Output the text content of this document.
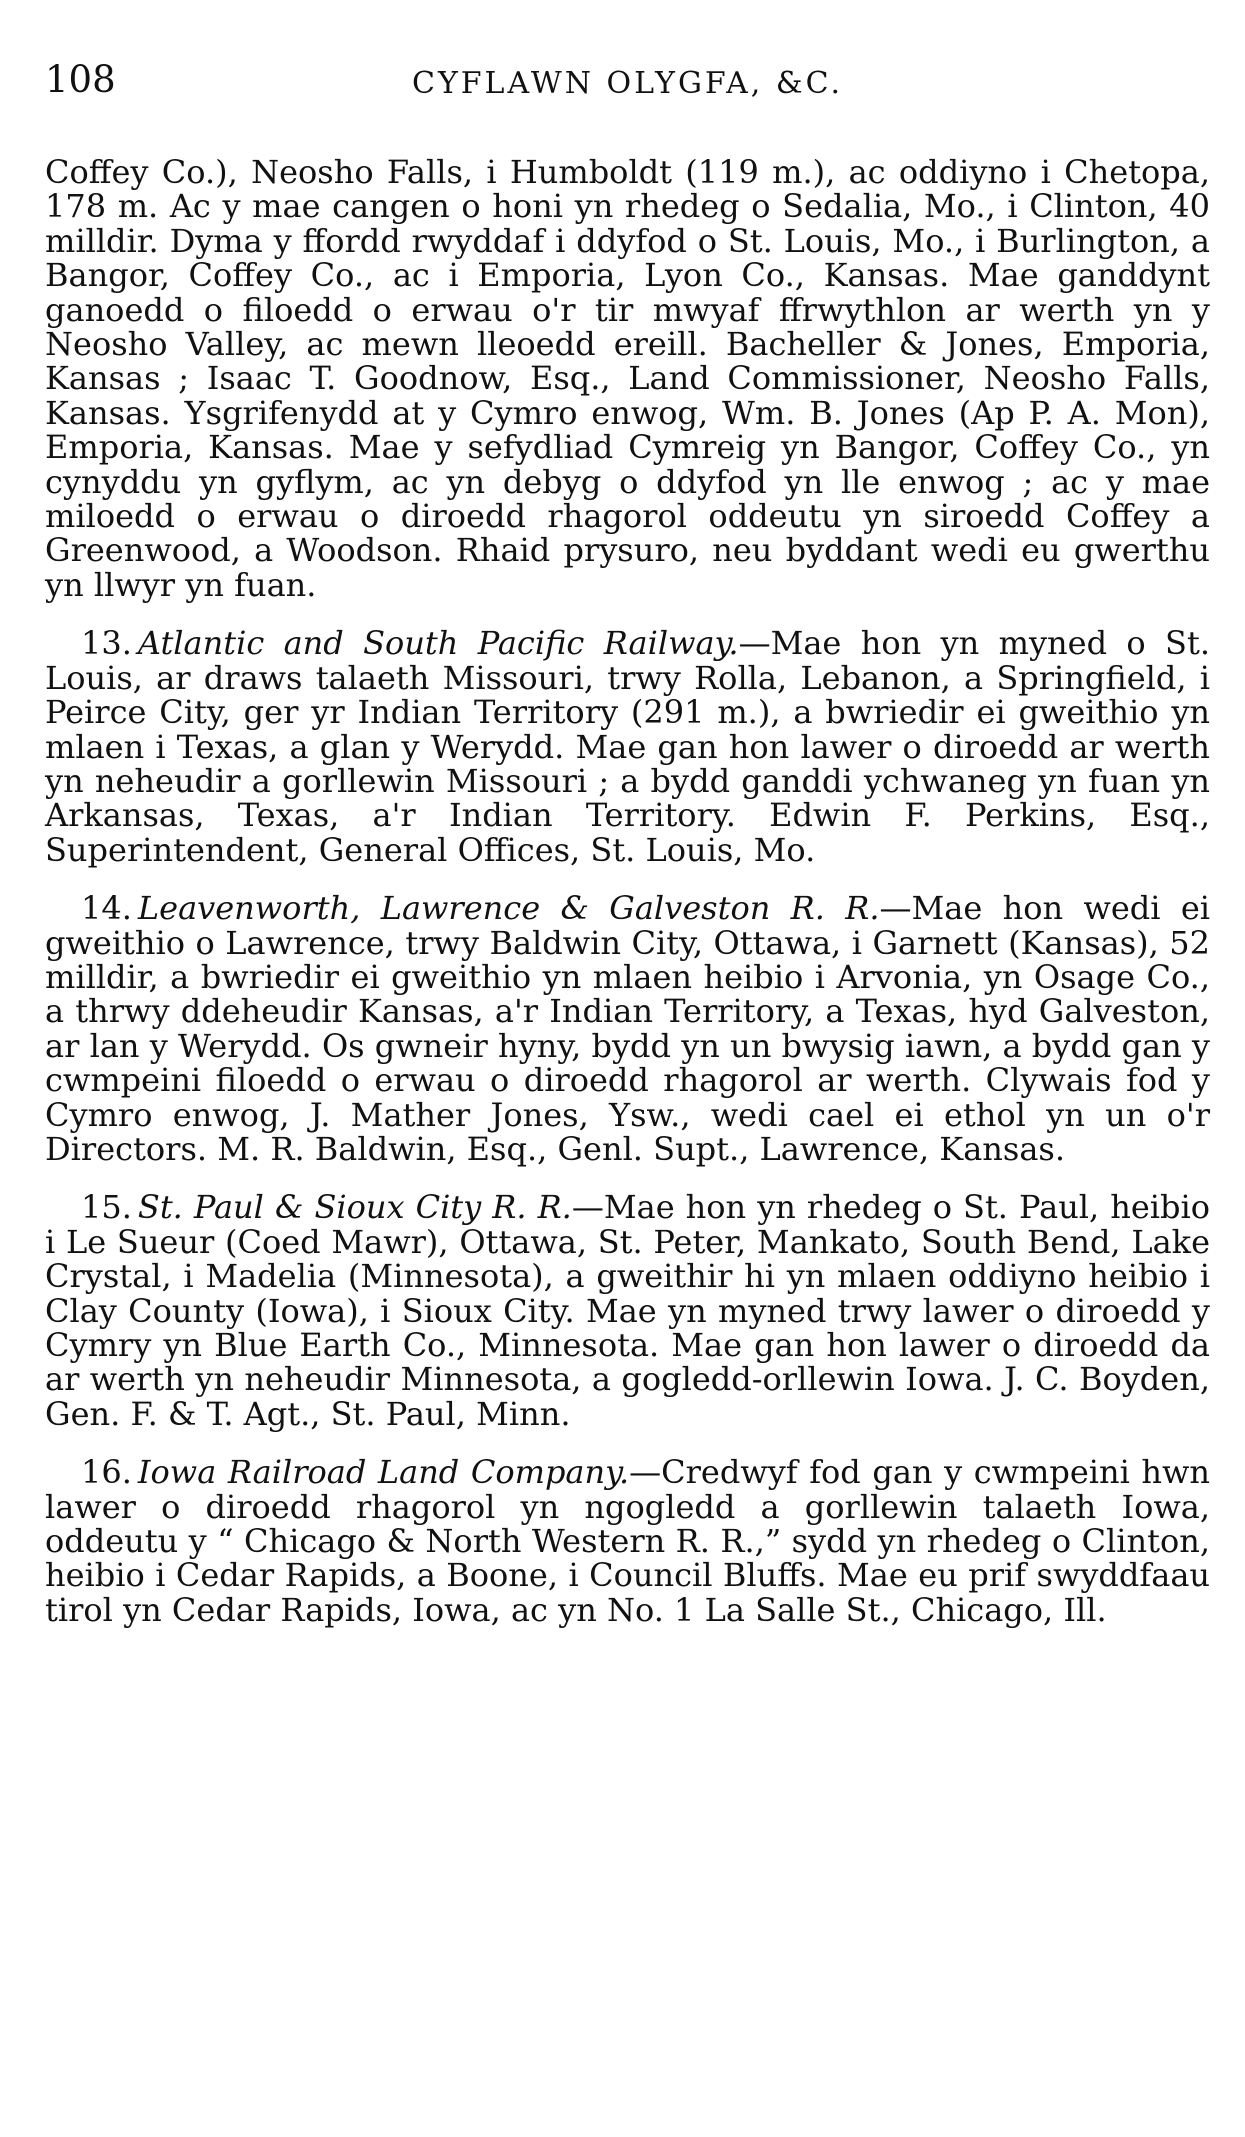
108	CYFLAWN OLYGFA, &C.

Coffey Co.), Neosho Falls, i Humboldt (119 m.), ac oddiyno i Chetopa, 178 m. Ac y mae cangen o honi yn rhedeg o Sedalia, Mo., i Clinton, 40 milldir. Dyma y ffordd rwyddaf i ddyfod o St. Louis, Mo., i Burlington, a Bangor, Coffey Co., ac i Emporia, Lyon Co., Kansas. Mae ganddynt ganoedd o filoedd o erwau o'r tir mwyaf ffrwythlon ar werth yn y Neosho Valley, ac mewn lleoedd ereill. Bacheller & Jones, Emporia, Kansas ; Isaac T. Goodnow, Esq., Land Commissioner, Neosho Falls, Kansas. Ysgrifenydd at y Cymro enwog, Wm. B. Jones (Ap P. A. Mon), Emporia, Kansas. Mae y sefydliad Cymreig yn Bangor, Coffey Co., yn cynyddu yn gyflym, ac yn debyg o ddyfod yn lle enwog ; ac y mae miloedd o erwau o diroedd rhagorol oddeutu yn siroedd Coffey a Greenwood, a Woodson. Rhaid prysuro, neu byddant wedi eu gwerthu yn llwyr yn fuan.

13. Atlantic and South Pacific Railway.—Mae hon yn myned o St. Louis, ar draws talaeth Missouri, trwy Rolla, Lebanon, a Springfield, i Peirce City, ger yr Indian Territory (291 m.), a bwriedir ei gweithio yn mlaen i Texas, a glan y Werydd. Mae gan hon lawer o diroedd ar werth yn neheudir a gorllewin Missouri ; a bydd ganddi ychwaneg yn fuan yn Arkansas, Texas, a'r Indian Territory. Edwin F. Perkins, Esq., Superintendent, General Offices, St. Louis, Mo.

14. Leavenworth, Lawrence & Galveston R. R.—Mae hon wedi ei gweithio o Lawrence, trwy Baldwin City, Ottawa, i Garnett (Kansas), 52 milldir, a bwriedir ei gweithio yn mlaen heibio i Arvonia, yn Osage Co., a thrwy ddeheudir Kansas, a'r Indian Territory, a Texas, hyd Galveston, ar lan y Werydd. Os gwneir hyny, bydd yn un bwysig iawn, a bydd gan y cwmpeini filoedd o erwau o diroedd rhagorol ar werth. Clywais fod y Cymro enwog, J. Mather Jones, Ysw., wedi cael ei ethol yn un o'r Directors. M. R. Baldwin, Esq., Genl. Supt., Lawrence, Kansas.

15. St. Paul & Sioux City R. R.—Mae hon yn rhedeg o St. Paul, heibio i Le Sueur (Coed Mawr), Ottawa, St. Peter, Mankato, South Bend, Lake Crystal, i Madelia (Minnesota), a gweithir hi yn mlaen oddiyno heibio i Clay County (Iowa), i Sioux City. Mae yn myned trwy lawer o diroedd y Cymry yn Blue Earth Co., Minnesota. Mae gan hon lawer o diroedd da ar werth yn neheudir Minnesota, a gogledd-orllewin Iowa. J. C. Boyden, Gen. F. & T. Agt., St. Paul, Minn.

16. Iowa Railroad Land Company.—Credwyf fod gan y cwmpeini hwn lawer o diroedd rhagorol yn ngogledd a gorllewin talaeth Iowa, oddeutu y “ Chicago & North Western R. R.,” sydd yn rhedeg o Clinton, heibio i Cedar Rapids, a Boone, i Council Bluffs. Mae eu prif swyddfaau tirol yn Cedar Rapids, Iowa, ac yn No. 1 La Salle St., Chicago, Ill.
